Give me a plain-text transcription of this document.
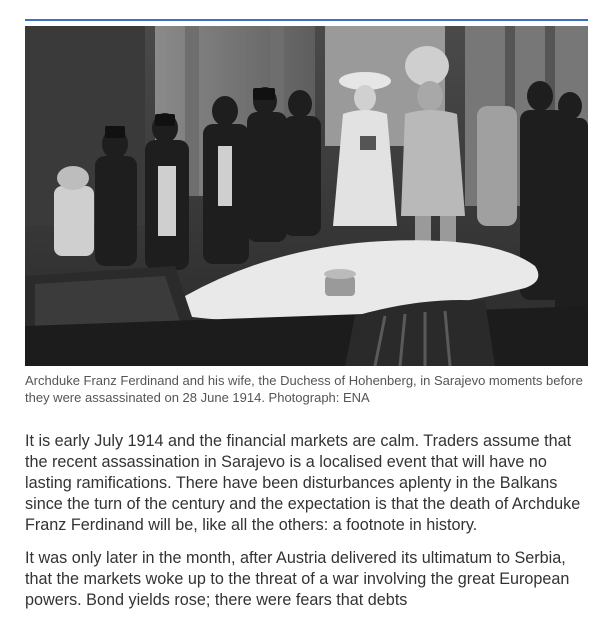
Archduke Franz Ferdinand and his wife, the Duchess of Hohenberg, in Sarajevo moments before they were assassinated on 28 June 1914. Photograph: ENA

It is early July 1914 and the financial markets are calm. Traders assume that the recent assassination in Sarajevo is a localised event that will have no lasting ramifications. There have been disturbances aplenty in the Balkans since the turn of the century and the expectation is that the death of Archduke Franz Ferdinand will be, like all the others: a footnote in history.

It was only later in the month, after Austria delivered its ultimatum to Serbia, that the markets woke up to the threat of a war involving the great European powers. Bond yields rose; there were fears that debts
